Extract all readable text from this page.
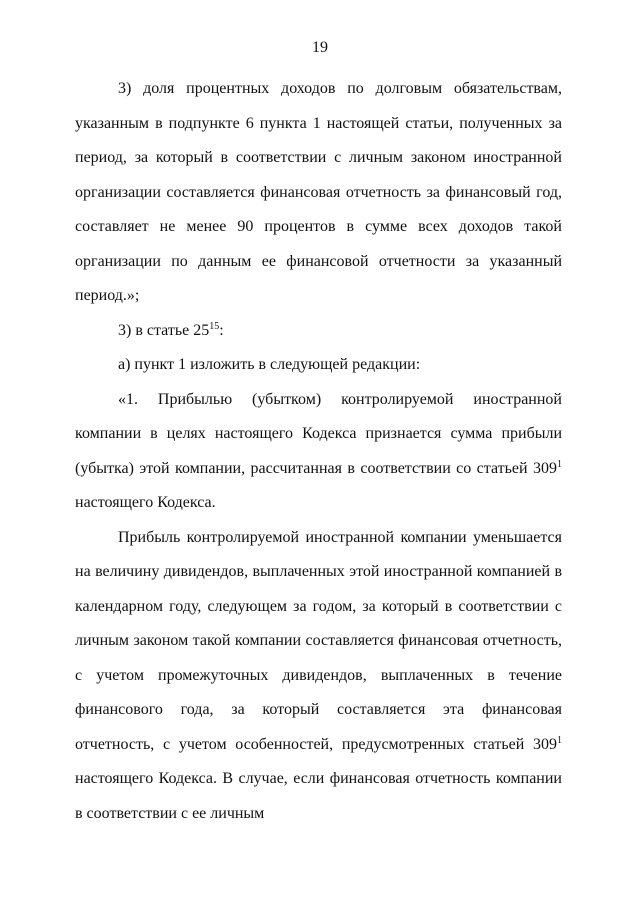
19

3) доля процентных доходов по долговым обязательствам, указанным в подпункте 6 пункта 1 настоящей статьи, полученных за период, за который в соответствии с личным законом иностранной организации составляется финансовая отчетность за финансовый год, составляет не менее 90 процентов в сумме всех доходов такой организации по данным ее финансовой отчетности за указанный период.»;

3) в статье $25^{15}$:

а) пункт 1 изложить в следующей редакции:

«1. Прибылью (убытком) контролируемой иностранной компании в целях настоящего Кодекса признается сумма прибыли (убытка) этой компании, рассчитанная в соответствии со статьей $309^1$ настоящего Кодекса.

Прибыль контролируемой иностранной компании уменьшается на величину дивидендов, выплаченных этой иностранной компанией в календарном году, следующем за годом, за который в соответствии с личным законом такой компании составляется финансовая отчетность, с учетом промежуточных дивидендов, выплаченных в течение финансового года, за который составляется эта финансовая отчетность, с учетом особенностей, предусмотренных статьей $309^1$ настоящего Кодекса. В случае, если финансовая отчетность компании в соответствии с ее личным
